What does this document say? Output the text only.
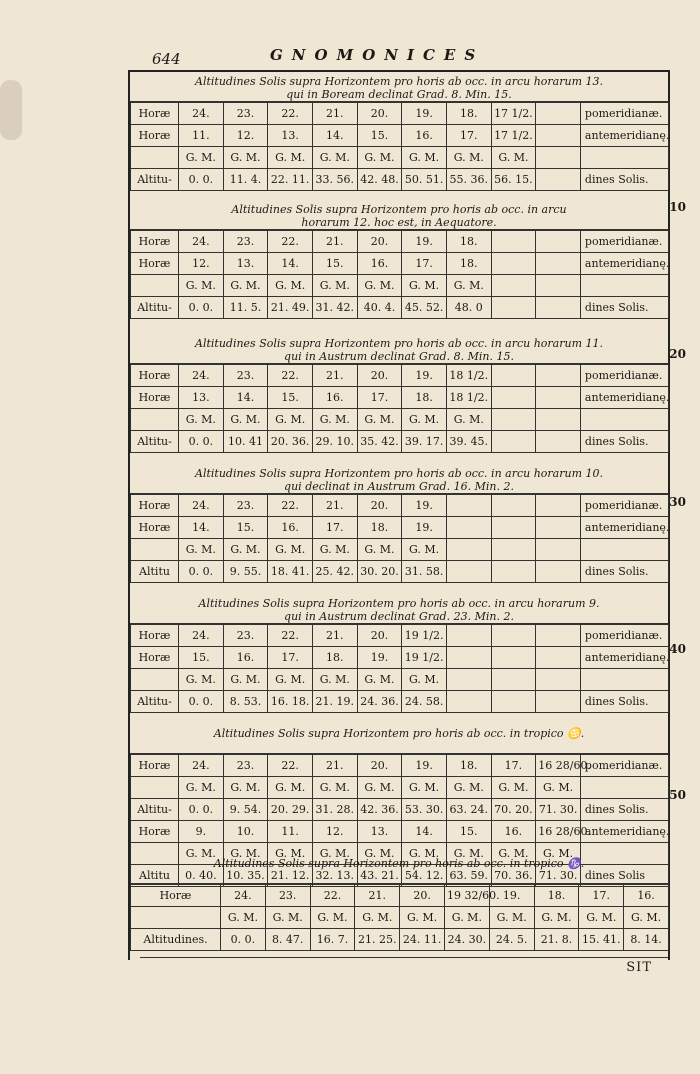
644	GNOMONICES
Altitudines Solis supra Horizontem pro horis ab occ. in arcu horarum 13.
qui in Boream declinat Grad. 8. Min. 15.
Horæ	24.	23.	22.	21.	20.	19.	18.	17 1/2.		pomeridianæ.
Horæ	11.	12.	13.	14.	15.	16.	17.	17 1/2.		antemeridianę.
	G. M.	G. M.	G. M.	G. M.	G. M.	G. M.	G. M.	G. M.		
Altitu-	0. 0.	11. 4.	22. 11.	33. 56.	42. 48.	50. 51.	55. 36.	56. 15.		dines Solis.
Altitudines Solis supra Horizontem pro horis ab occ. in arcu
horarum 12. hoc est, in Aequatore.
Horæ	24.	23.	22.	21.	20.	19.	18.			pomeridianæ.
Horæ	12.	13.	14.	15.	16.	17.	18.			antemeridianę.
	G. M.	G. M.	G. M.	G. M.	G. M.	G. M.	G. M.			
Altitu-	0. 0.	11. 5.	21. 49.	31. 42.	40. 4.	45. 52.	48. 0			dines Solis.
Altitudines Solis supra Horizontem pro horis ab occ. in arcu horarum 11.
qui in Austrum declinat Grad. 8. Min. 15.
Horæ	24.	23.	22.	21.	20.	19.	18 1/2.			pomeridianæ.
Horæ	13.	14.	15.	16.	17.	18.	18 1/2.			antemeridianę.
	G. M.	G. M.	G. M.	G. M.	G. M.	G. M.	G. M.			
Altitu-	0. 0.	10. 41	20. 36.	29. 10.	35. 42.	39. 17.	39. 45.			dines Solis.
Altitudines Solis supra Horizontem pro horis ab occ. in arcu horarum 10.
qui declinat in Austrum Grad. 16. Min. 2.
Horæ	24.	23.	22.	21.	20.	19.				pomeridianæ.
Horæ	14.	15.	16.	17.	18.	19.				antemeridianę.
	G. M.	G. M.	G. M.	G. M.	G. M.	G. M.				
Altitu	0. 0.	9. 55.	18. 41.	25. 42.	30. 20.	31. 58.				dines Solis.
Altitudines Solis supra Horizontem pro horis ab occ. in arcu horarum 9.
qui in Austrum declinat Grad. 23. Min. 2.
Horæ	24.	23.	22.	21.	20.	19 1/2.				pomeridianæ.
Horæ	15.	16.	17.	18.	19.	19 1/2.				antemeridianę.
	G. M.	G. M.	G. M.	G. M.	G. M.	G. M.				
Altitu-	0. 0.	8. 53.	16. 18.	21. 19.	24. 36.	24. 58.				dines Solis.
Altitudines Solis supra Horizontem pro horis ab occ. in tropico ♋.
Horæ	24.	23.	22.	21.	20.	19.	18.	17.	16 28/60.	pomeridianæ.
	G. M.	G. M.	G. M.	G. M.	G. M.	G. M.	G. M.	G. M.	G. M.	
Altitu-	0. 0.	9. 54.	20. 29.	31. 28.	42. 36.	53. 30.	63. 24.	70. 20.	71. 30.	dines Solis.
Horæ	9.	10.	11.	12.	13.	14.	15.	16.	16 28/60.	antemeridianę.
	G. M.	G. M.	G. M.	G. M.	G. M.	G. M.	G. M.	G. M.	G. M.	
Altitu	0. 40.	10. 35.	21. 12.	32. 13.	43. 21.	54. 12.	63. 59.	70. 36.	71. 30.	dines Solis
Altitudines Solis supra Horizontem pro horis ab occ. in tropico ♑.
Horæ	24.	23.	22.	21.	20.	19 32/60.	19.	18.	17.	16.
	G. M.	G. M.	G. M.	G. M.	G. M.	G. M.	G. M.	G. M.	G. M.	G. M.
Altitudines.	0. 0.	8. 47.	16. 7.	21. 25.	24. 11.	24. 30.	24. 5.	21. 8.	15. 41.	8. 14.
10
20
30
40
50
SIT
